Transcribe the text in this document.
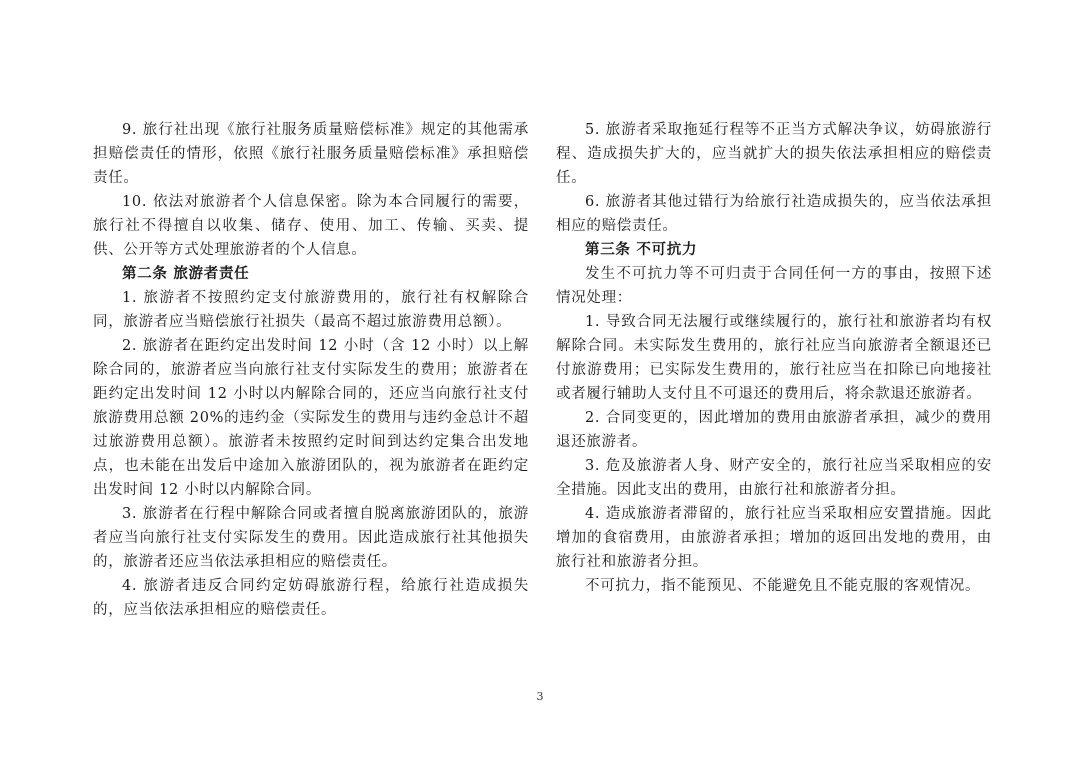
9. 旅行社出现《旅行社服务质量赔偿标准》规定的其他需承担赔偿责任的情形，依照《旅行社服务质量赔偿标准》承担赔偿责任。

10. 依法对旅游者个人信息保密。除为本合同履行的需要，旅行社不得擅自以收集、储存、使用、加工、传输、买卖、提供、公开等方式处理旅游者的个人信息。

第二条 旅游者责任

1. 旅游者不按照约定支付旅游费用的，旅行社有权解除合同，旅游者应当赔偿旅行社损失（最高不超过旅游费用总额）。

2. 旅游者在距约定出发时间 12 小时（含 12 小时）以上解除合同的，旅游者应当向旅行社支付实际发生的费用；旅游者在距约定出发时间 12 小时以内解除合同的，还应当向旅行社支付旅游费用总额 20%的违约金（实际发生的费用与违约金总计不超过旅游费用总额）。旅游者未按照约定时间到达约定集合出发地点，也未能在出发后中途加入旅游团队的，视为旅游者在距约定出发时间 12 小时以内解除合同。

3. 旅游者在行程中解除合同或者擅自脱离旅游团队的，旅游者应当向旅行社支付实际发生的费用。因此造成旅行社其他损失的，旅游者还应当依法承担相应的赔偿责任。

4. 旅游者违反合同约定妨碍旅游行程，给旅行社造成损失的，应当依法承担相应的赔偿责任。

5. 旅游者采取拖延行程等不正当方式解决争议，妨碍旅游行程、造成损失扩大的，应当就扩大的损失依法承担相应的赔偿责任。

6. 旅游者其他过错行为给旅行社造成损失的，应当依法承担相应的赔偿责任。

第三条 不可抗力

发生不可抗力等不可归责于合同任何一方的事由，按照下述情况处理：

1. 导致合同无法履行或继续履行的，旅行社和旅游者均有权解除合同。未实际发生费用的，旅行社应当向旅游者全额退还已付旅游费用；已实际发生费用的，旅行社应当在扣除已向地接社或者履行辅助人支付且不可退还的费用后，将余款退还旅游者。

2. 合同变更的，因此增加的费用由旅游者承担，减少的费用退还旅游者。

3. 危及旅游者人身、财产安全的，旅行社应当采取相应的安全措施。因此支出的费用，由旅行社和旅游者分担。

4. 造成旅游者滞留的，旅行社应当采取相应安置措施。因此增加的食宿费用，由旅游者承担；增加的返回出发地的费用，由旅行社和旅游者分担。

不可抗力，指不能预见、不能避免且不能克服的客观情况。

3
